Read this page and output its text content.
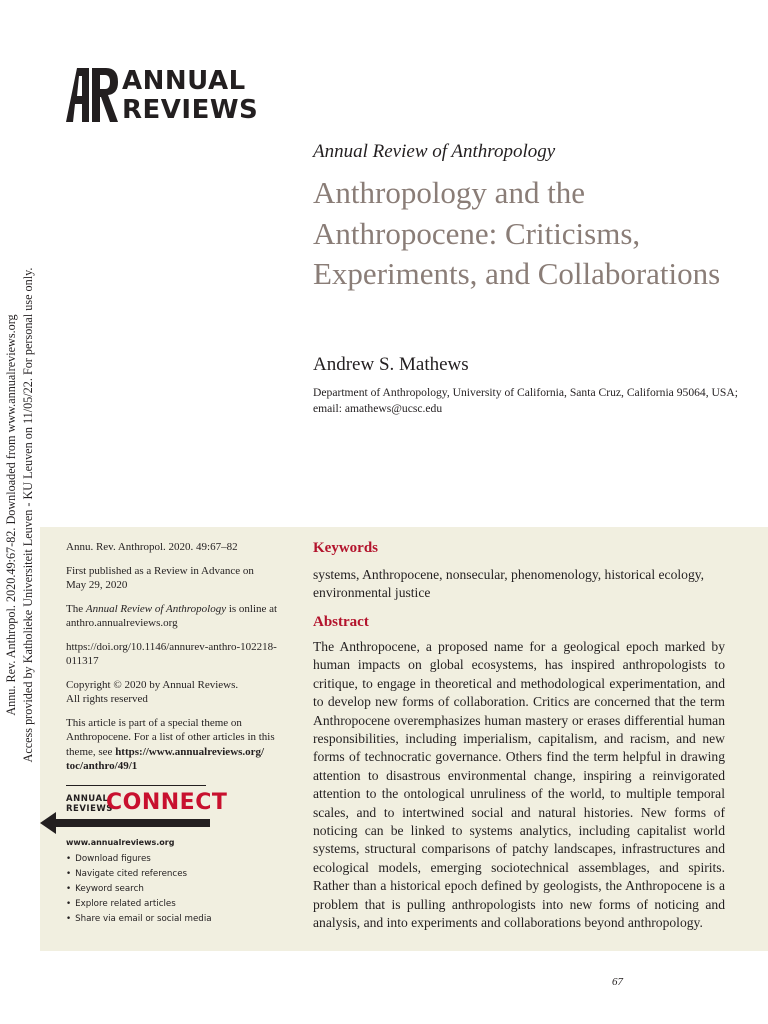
ANNUAL
REVIEWS
Annu. Rev. Anthropol. 2020.49:67-82. Downloaded from www.annualreviews.org Access provided by Katholieke Universiteit Leuven - KU Leuven on 11/05/22. For personal use only.
Annual Review of Anthropology
Anthropology and the Anthropocene: Criticisms, Experiments, and Collaborations
Andrew S. Mathews
Department of Anthropology, University of California, Santa Cruz, California 95064, USA;
email: amathews@ucsc.edu

Annu. Rev. Anthropol. 2020. 49:67–82

First published as a Review in Advance on
May 29, 2020

The Annual Review of Anthropology is online at
anthro.annualreviews.org

https://doi.org/10.1146/annurev-anthro-102218-
011317

Copyright © 2020 by Annual Reviews.
All rights reserved

This article is part of a special theme on Anthropocene. For a list of other articles in this theme, see https://www.annualreviews.org/
toc/anthro/49/1

ANNUAL
REVIEWS
CONNECT
www.annualreviews.org
• Download figures
• Navigate cited references
• Keyword search
• Explore related articles
• Share via email or social media
Keywords
systems, Anthropocene, nonsecular, phenomenology, historical ecology, environmental justice
Abstract
The Anthropocene, a proposed name for a geological epoch marked by human impacts on global ecosystems, has inspired anthropologists to critique, to engage in theoretical and methodological experimentation, and to develop new forms of collaboration. Critics are concerned that the term Anthropocene overemphasizes human mastery or erases differential human responsibilities, including imperialism, capitalism, and racism, and new forms of technocratic governance. Others find the term helpful in drawing attention to disastrous environmental change, inspiring a reinvigorated attention to the ontological unruliness of the world, to multiple temporal scales, and to intertwined social and natural histories. New forms of noticing can be linked to systems analytics, including capitalist world systems, structural comparisons of patchy landscapes, infrastructures and ecological models, emerging sociotechnical assemblages, and spirits. Rather than a historical epoch defined by geologists, the Anthropocene is a problem that is pulling anthropologists into new forms of noticing and analysis, and into experiments and collaborations beyond anthropology.
67
